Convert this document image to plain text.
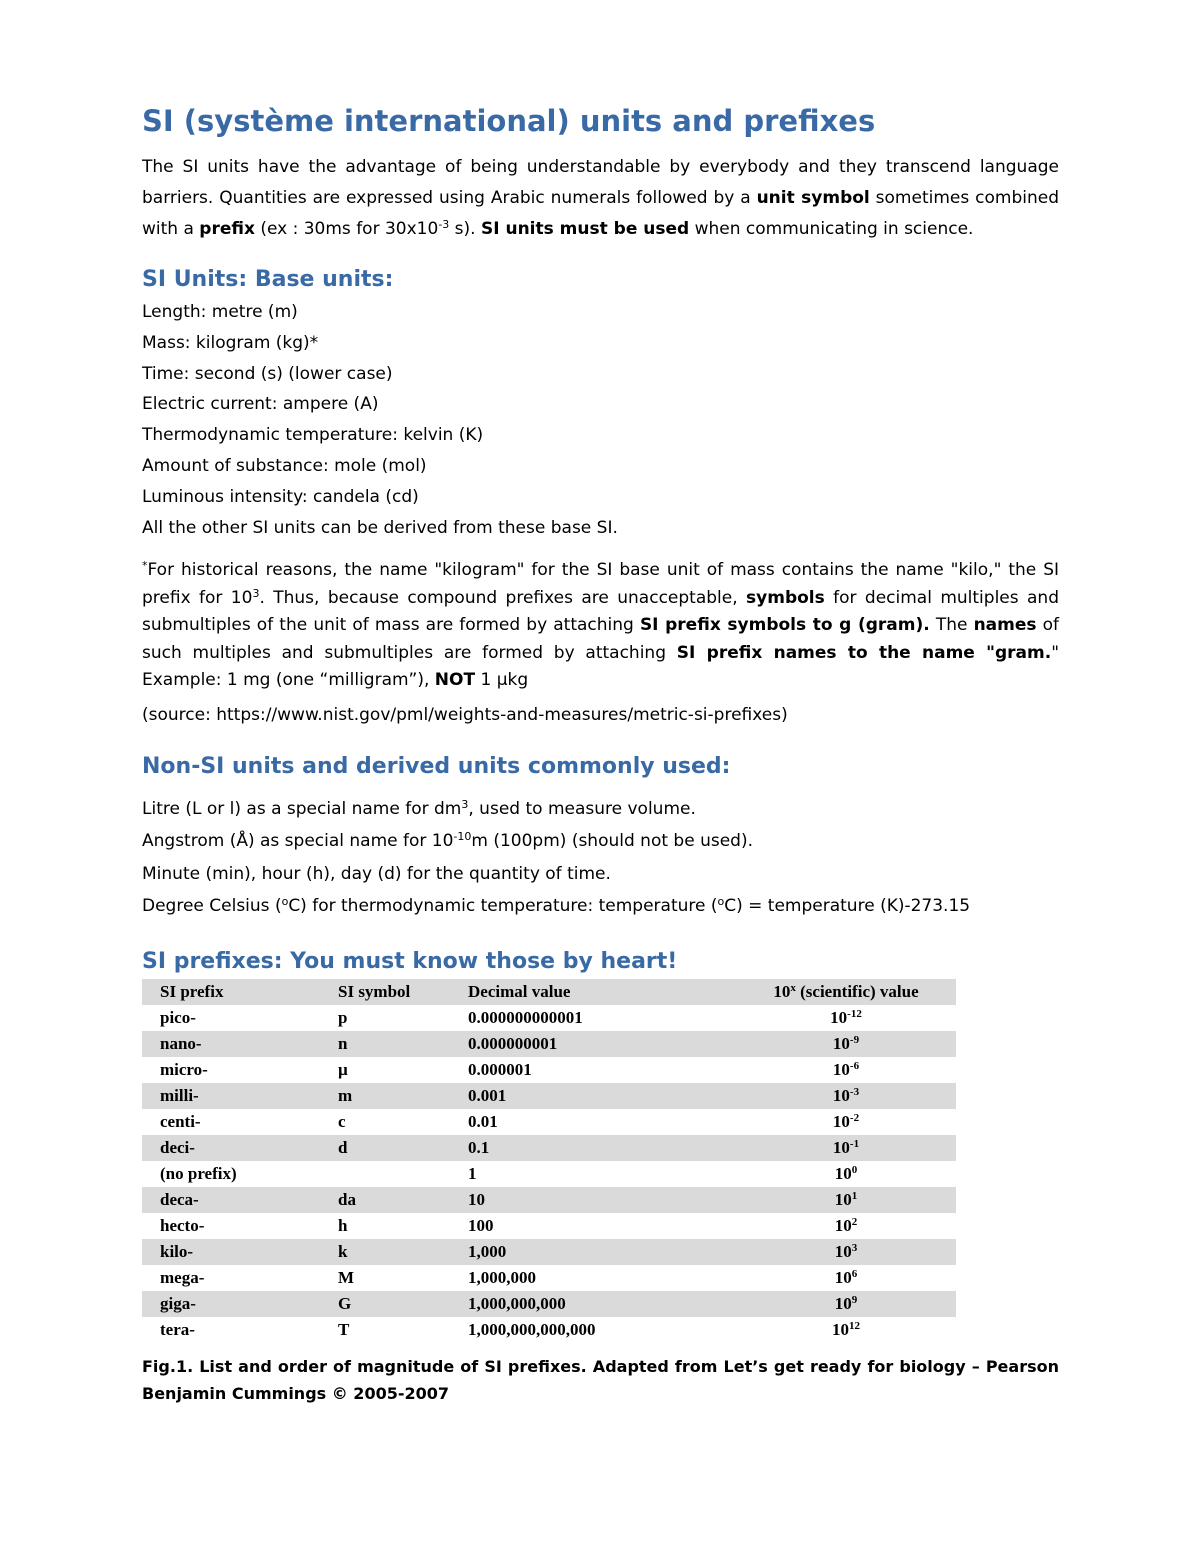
SI (système international) units and prefixes

The SI units have the advantage of being understandable by everybody and they transcend language barriers. Quantities are expressed using Arabic numerals followed by a unit symbol sometimes combined with a prefix (ex : 30ms for $30x10^{-3}$ s). SI units must be used when communicating in science.

SI Units: Base units:
Length: metre (m)
Mass: kilogram (kg)*
Time: second (s) (lower case)
Electric current: ampere (A)
Thermodynamic temperature: kelvin (K)
Amount of substance: mole (mol)
Luminous intensity: candela (cd)
All the other SI units can be derived from these base SI.

*For historical reasons, the name "kilogram" for the SI base unit of mass contains the name "kilo," the SI prefix for $10^3$. Thus, because compound prefixes are unacceptable, symbols for decimal multiples and submultiples of the unit of mass are formed by attaching SI prefix symbols to g (gram). The names of such multiples and submultiples are formed by attaching SI prefix names to the name "gram." Example: 1 mg (one “milligram”), NOT 1 µkg

(source: https://www.nist.gov/pml/weights-and-measures/metric-si-prefixes)

Non-SI units and derived units commonly used:
Litre (L or l) as a special name for $dm^3$, used to measure volume.
Angstrom (Å) as special name for $10^{-10}m$ (100pm) (should not be used).
Minute (min), hour (h), day (d) for the quantity of time.
Degree Celsius ($^o$C) for thermodynamic temperature: temperature ($^o$C) = temperature (K)-273.15
SI prefixes: You must know those by heart!
SI prefix	SI symbol	Decimal value	10$^x$ (scientific) value
pico-	p	0.000000000001	$10^{-12}$
nano-	n	0.000000001	$10^{-9}$
micro-	µ	0.000001	$10^{-6}$
milli-	m	0.001	$10^{-3}$
centi-	c	0.01	$10^{-2}$
deci-	d	0.1	$10^{-1}$
(no prefix)		1	$10^0$
deca-	da	10	$10^1$
hecto-	h	100	$10^2$
kilo-	k	1,000	$10^3$
mega-	M	1,000,000	$10^6$
giga-	G	1,000,000,000	$10^9$
tera-	T	1,000,000,000,000	$10^{12}$

Fig.1. List and order of magnitude of SI prefixes. Adapted from Let’s get ready for biology – Pearson Benjamin Cummings © 2005-2007
